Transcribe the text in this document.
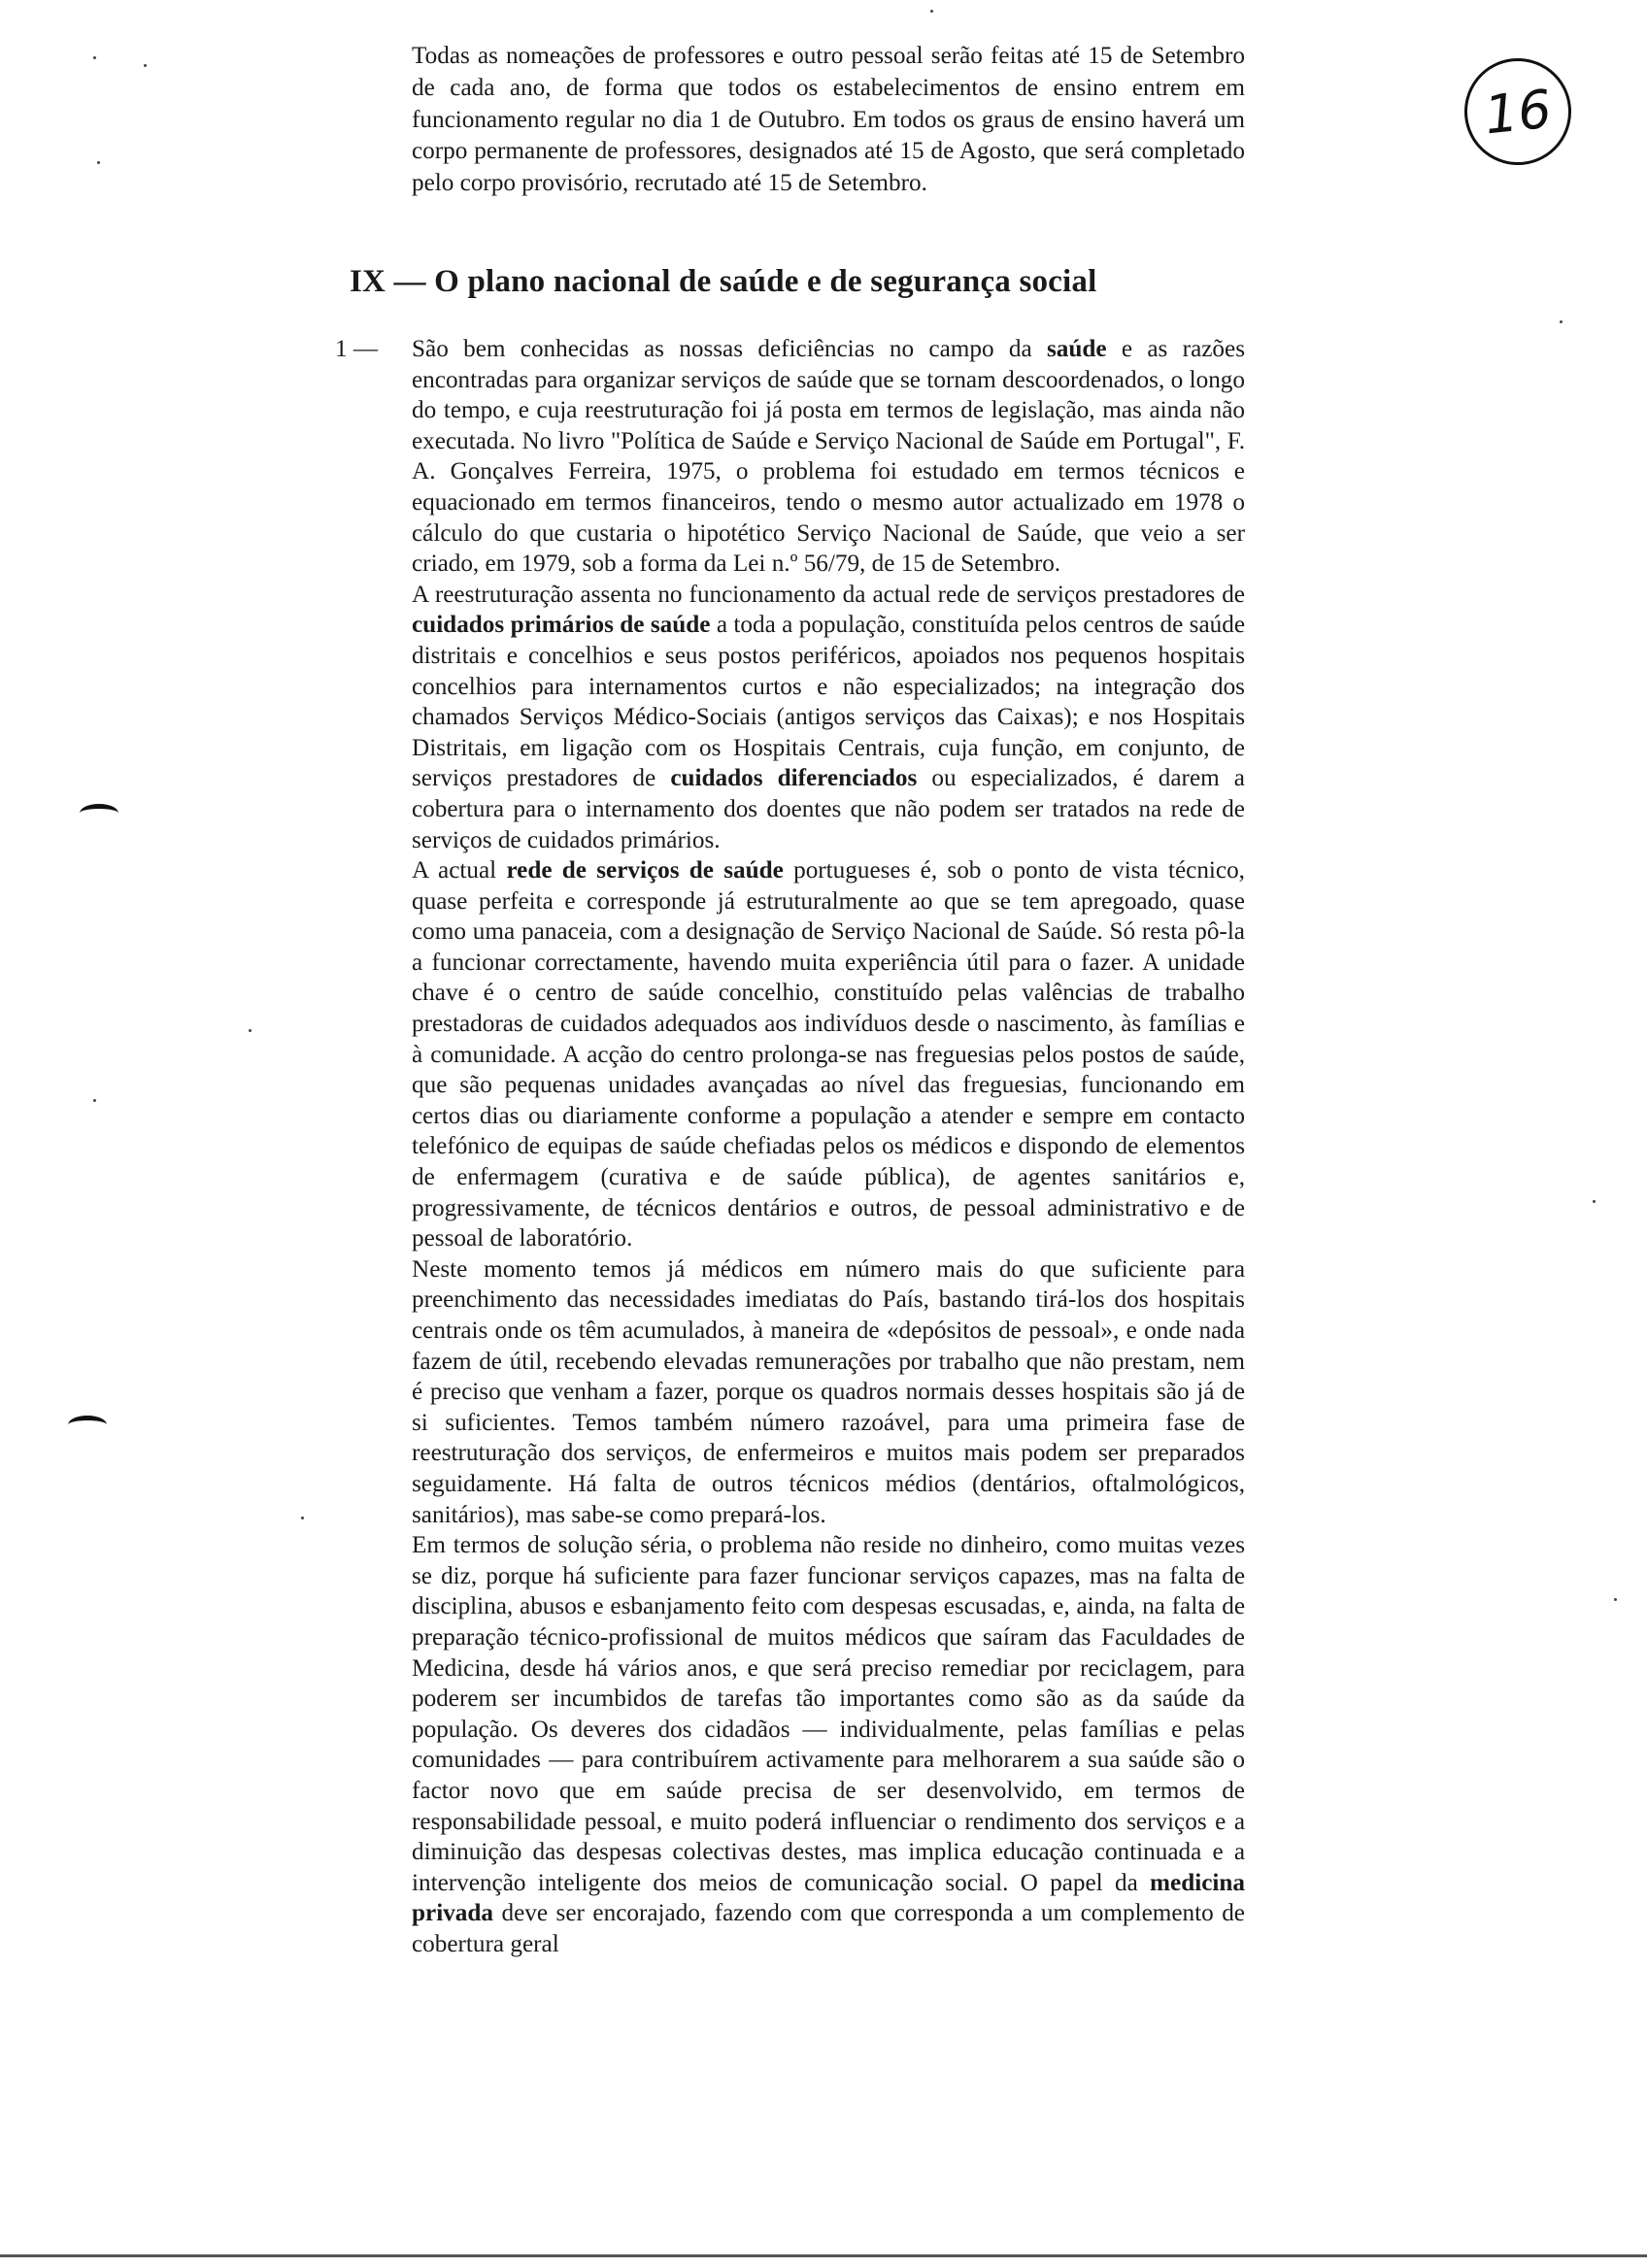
16

Todas as nomeações de professores e outro pessoal serão feitas até 15 de Setembro de cada ano, de forma que todos os estabelecimentos de ensino entrem em funcionamento regular no dia 1 de Outubro. Em todos os graus de ensino haverá um corpo permanente de professores, designados até 15 de Agosto, que será completado pelo corpo provisório, recrutado até 15 de Setembro.

IX — O plano nacional de saúde e de segurança social
1 — São bem conhecidas as nossas deficiências no campo da saúde e as razões encontradas para organizar serviços de saúde que se tornam descoordenados, o longo do tempo, e cuja reestruturação foi já posta em termos de legislação, mas ainda não executada. No livro "Política de Saúde e Serviço Nacional de Saúde em Portugal", F. A. Gonçalves Ferreira, 1975, o problema foi estudado em termos técnicos e equacionado em termos financeiros, tendo o mesmo autor actualizado em 1978 o cálculo do que custaria o hipotético Serviço Nacional de Saúde, que veio a ser criado, em 1979, sob a forma da Lei n.º 56/79, de 15 de Setembro.

A reestruturação assenta no funcionamento da actual rede de serviços prestadores de cuidados primários de saúde a toda a população, constituída pelos centros de saúde distritais e concelhios e seus postos periféricos, apoiados nos pequenos hospitais concelhios para internamentos curtos e não especializados; na integração dos chamados Serviços Médico-Sociais (antigos serviços das Caixas); e nos Hospitais Distritais, em ligação com os Hospitais Centrais, cuja função, em conjunto, de serviços prestadores de cuidados diferenciados ou especializados, é darem a cobertura para o internamento dos doentes que não podem ser tratados na rede de serviços de cuidados primários.

A actual rede de serviços de saúde portugueses é, sob o ponto de vista técnico, quase perfeita e corresponde já estruturalmente ao que se tem apregoado, quase como uma panaceia, com a designação de Serviço Nacional de Saúde. Só resta pô-la a funcionar correctamente, havendo muita experiência útil para o fazer. A unidade chave é o centro de saúde concelhio, constituído pelas valências de trabalho prestadoras de cuidados adequados aos indivíduos desde o nascimento, às famílias e à comunidade. A acção do centro prolonga-se nas freguesias pelos postos de saúde, que são pequenas unidades avançadas ao nível das freguesias, funcionando em certos dias ou diariamente conforme a população a atender e sempre em contacto telefónico de equipas de saúde chefiadas pelos os médicos e dispondo de elementos de enfermagem (curativa e de saúde pública), de agentes sanitários e, progressivamente, de técnicos dentários e outros, de pessoal administrativo e de pessoal de laboratório.

Neste momento temos já médicos em número mais do que suficiente para preenchimento das necessidades imediatas do País, bastando tirá-los dos hospitais centrais onde os têm acumulados, à maneira de «depósitos de pessoal», e onde nada fazem de útil, recebendo elevadas remunerações por trabalho que não prestam, nem é preciso que venham a fazer, porque os quadros normais desses hospitais são já de si suficientes. Temos também número razoável, para uma primeira fase de reestruturação dos serviços, de enfermeiros e muitos mais podem ser preparados seguidamente. Há falta de outros técnicos médios (dentários, oftalmológicos, sanitários), mas sabe-se como prepará-los.

Em termos de solução séria, o problema não reside no dinheiro, como muitas vezes se diz, porque há suficiente para fazer funcionar serviços capazes, mas na falta de disciplina, abusos e esbanjamento feito com despesas escusadas, e, ainda, na falta de preparação técnico-profissional de muitos médicos que saíram das Faculdades de Medicina, desde há vários anos, e que será preciso remediar por reciclagem, para poderem ser incumbidos de tarefas tão importantes como são as da saúde da população. Os deveres dos cidadãos — individualmente, pelas famílias e pelas comunidades — para contribuírem activamente para melhorarem a sua saúde são o factor novo que em saúde precisa de ser desenvolvido, em termos de responsabilidade pessoal, e muito poderá influenciar o rendimento dos serviços e a diminuição das despesas colectivas destes, mas implica educação continuada e a intervenção inteligente dos meios de comunicação social. O papel da medicina privada deve ser encorajado, fazendo com que corresponda a um complemento de cobertura geral
